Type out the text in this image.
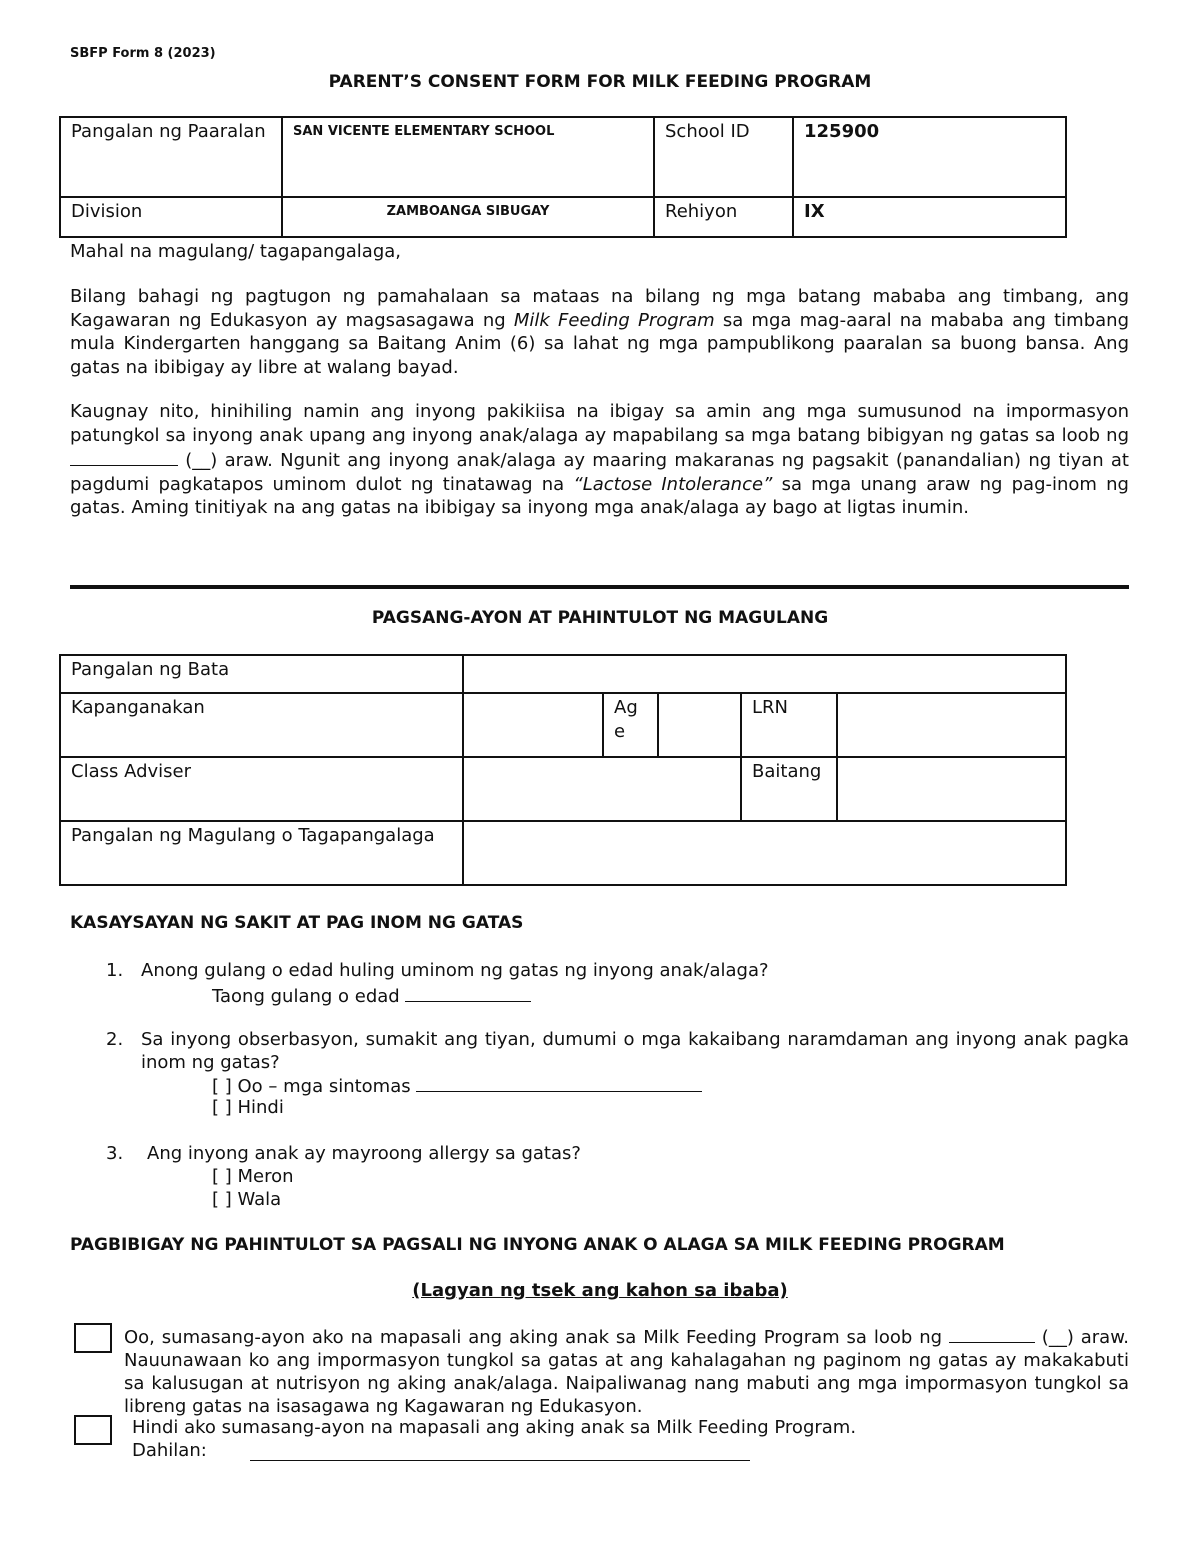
SBFP Form 8 (2023)
PARENT’S CONSENT FORM FOR MILK FEEDING PROGRAM
Pangalan ng Paaralan	SAN VICENTE ELEMENTARY SCHOOL	School ID	125900
Division	ZAMBOANGA SIBUGAY	Rehiyon	IX
Mahal na magulang/ tagapangalaga,
Bilang bahagi ng pagtugon ng pamahalaan sa mataas na bilang ng mga batang mababa ang timbang, ang Kagawaran ng Edukasyon ay magsasagawa ng Milk Feeding Program sa mga mag-aaral na mababa ang timbang mula Kindergarten hanggang sa Baitang Anim (6) sa lahat ng mga pampublikong paaralan sa buong bansa. Ang gatas na ibibigay ay libre at walang bayad.
Kaugnay nito, hinihiling namin ang inyong pakikiisa na ibigay sa amin ang mga sumusunod na impormasyon patungkol sa inyong anak upang ang inyong anak/alaga ay mapabilang sa mga batang bibigyan ng gatas sa loob ng  (__) araw. Ngunit ang inyong anak/alaga ay maaring makaranas ng pagsakit (panandalian) ng tiyan at pagdumi pagkatapos uminom dulot ng tinatawag na “Lactose Intolerance” sa mga unang araw ng pag-inom ng gatas. Aming tinitiyak na ang gatas na ibibigay sa inyong mga anak/alaga ay bago at ligtas inumin.
PAGSANG-AYON AT PAHINTULOT NG MAGULANG
Pangalan ng Bata					
Kapanganakan		Age		LRN	
Class Adviser				Baitang	
Pangalan ng Magulang o Tagapangalaga					
KASAYSAYAN NG SAKIT AT PAG INOM NG GATAS
1. Anong gulang o edad huling uminom ng gatas ng inyong anak/alaga?
Taong gulang o edad
2. Sa inyong obserbasyon, sumakit ang tiyan, dumumi o mga kakaibang naramdaman ang inyong anak pagka inom ng gatas?
[ ] Oo – mga sintomas
[ ] Hindi
3. Ang inyong anak ay mayroong allergy sa gatas?
[ ] Meron
[ ] Wala
PAGBIBIGAY NG PAHINTULOT SA PAGSALI NG INYONG ANAK O ALAGA SA MILK FEEDING PROGRAM
(Lagyan ng tsek ang kahon sa ibaba)
Oo, sumasang-ayon ako na mapasali ang aking anak sa Milk Feeding Program sa loob ng	(__) araw. Nauunawaan ko ang impormasyon tungkol sa gatas at ang kahalagahan ng paginom ng gatas ay makakabuti sa kalusugan at nutrisyon ng aking anak/alaga. Naipaliwanag nang mabuti ang mga impormasyon tungkol sa libreng gatas na isasagawa ng Kagawaran ng Edukasyon.
Hindi ako sumasang-ayon na mapasali ang aking anak sa Milk Feeding Program.
Dahilan:
